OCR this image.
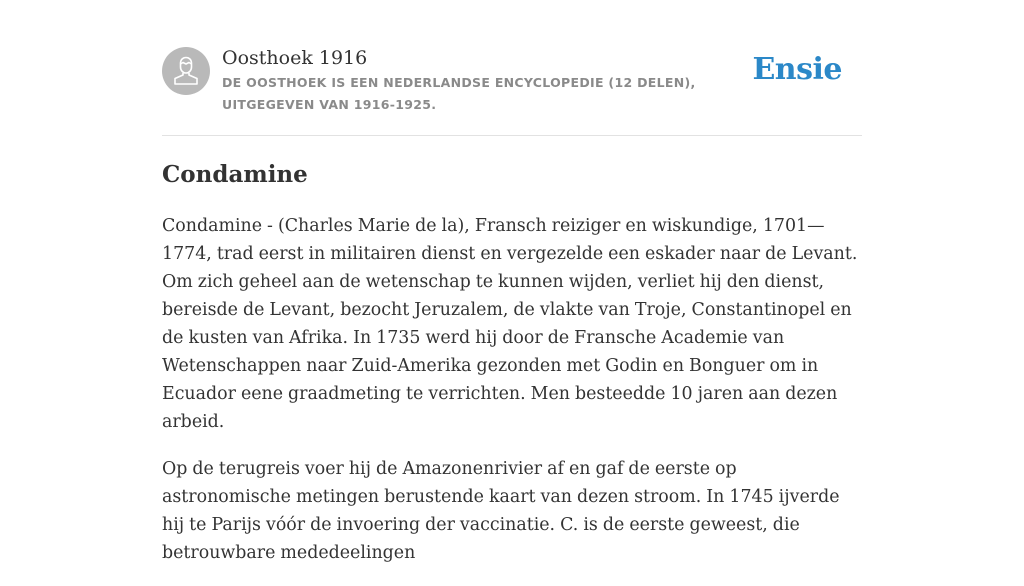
Oosthoek 1916
DE OOSTHOEK IS EEN NEDERLANDSE ENCYCLOPEDIE (12 DELEN), UITGEGEVEN VAN 1916-1925.
Ensie
Condamine

Condamine - (Charles Marie de la), Fransch reiziger en wiskundige, 1701—1774, trad eerst in militairen dienst en vergezelde een eskader naar de Levant. Om zich geheel aan de wetenschap te kunnen wijden, verliet hij den dienst, bereisde de Levant, bezocht Jeruzalem, de vlakte van Troje, Constantinopel en de kusten van Afrika. In 1735 werd hij door de Fransche Academie van Wetenschappen naar Zuid-Amerika gezonden met Godin en Bonguer om in Ecuador eene graadmeting te verrichten. Men besteedde 10 jaren aan dezen arbeid.

Op de terugreis voer hij de Amazonenrivier af en gaf de eerste op astronomische metingen berustende kaart van dezen stroom. In 1745 ijverde hij te Parijs vóór de invoering der vaccinatie. C. is de eerste geweest, die betrouwbare mededeelingen
